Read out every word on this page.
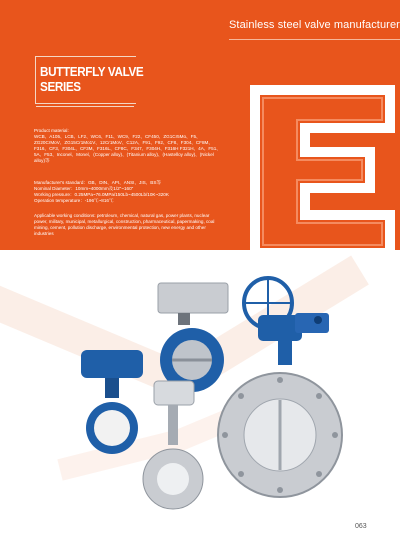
Stainless steel valve manufacturer
BUTTERFLY VALVE
SERIES
Product material:
WCB、A105、LCB、LF2、WC6、F11、WC9、F22、CF450、ZG1Cr5Mo、F5、ZG20CrMoV、ZG15Cr1Mo1V、12Cr1MoV、C12A、F91、F92、CF8、F304、CF8M、F316、CF3、F304L、CF3M、F316L、CF8C、F347、F304H、F316H F321H、4A、F51、5A、F53、Inconel、Monel、(Copper alloy)、(Titanium alloy)、(Hastelloy alloy)、(Nickel alloy)等
Manufacturer's standard：GB、DIN、API、ANSI、JIS、BS等
Nominal Diameter：10mm~4000mm及1/2"~160"
Working pressure：0.25MPa~76.0MPa/150Lb~4500Lb/10K~320K
Operation temperature：-196℃~816℃
Applicable working conditions: petroleum, chemical, natural gas, power plants, nuclear power, military, municipal, metallurgical, construction, pharmaceutical, papermaking, coal mining, cement, pollution discharge, environmental protection, new energy and other industries
063
